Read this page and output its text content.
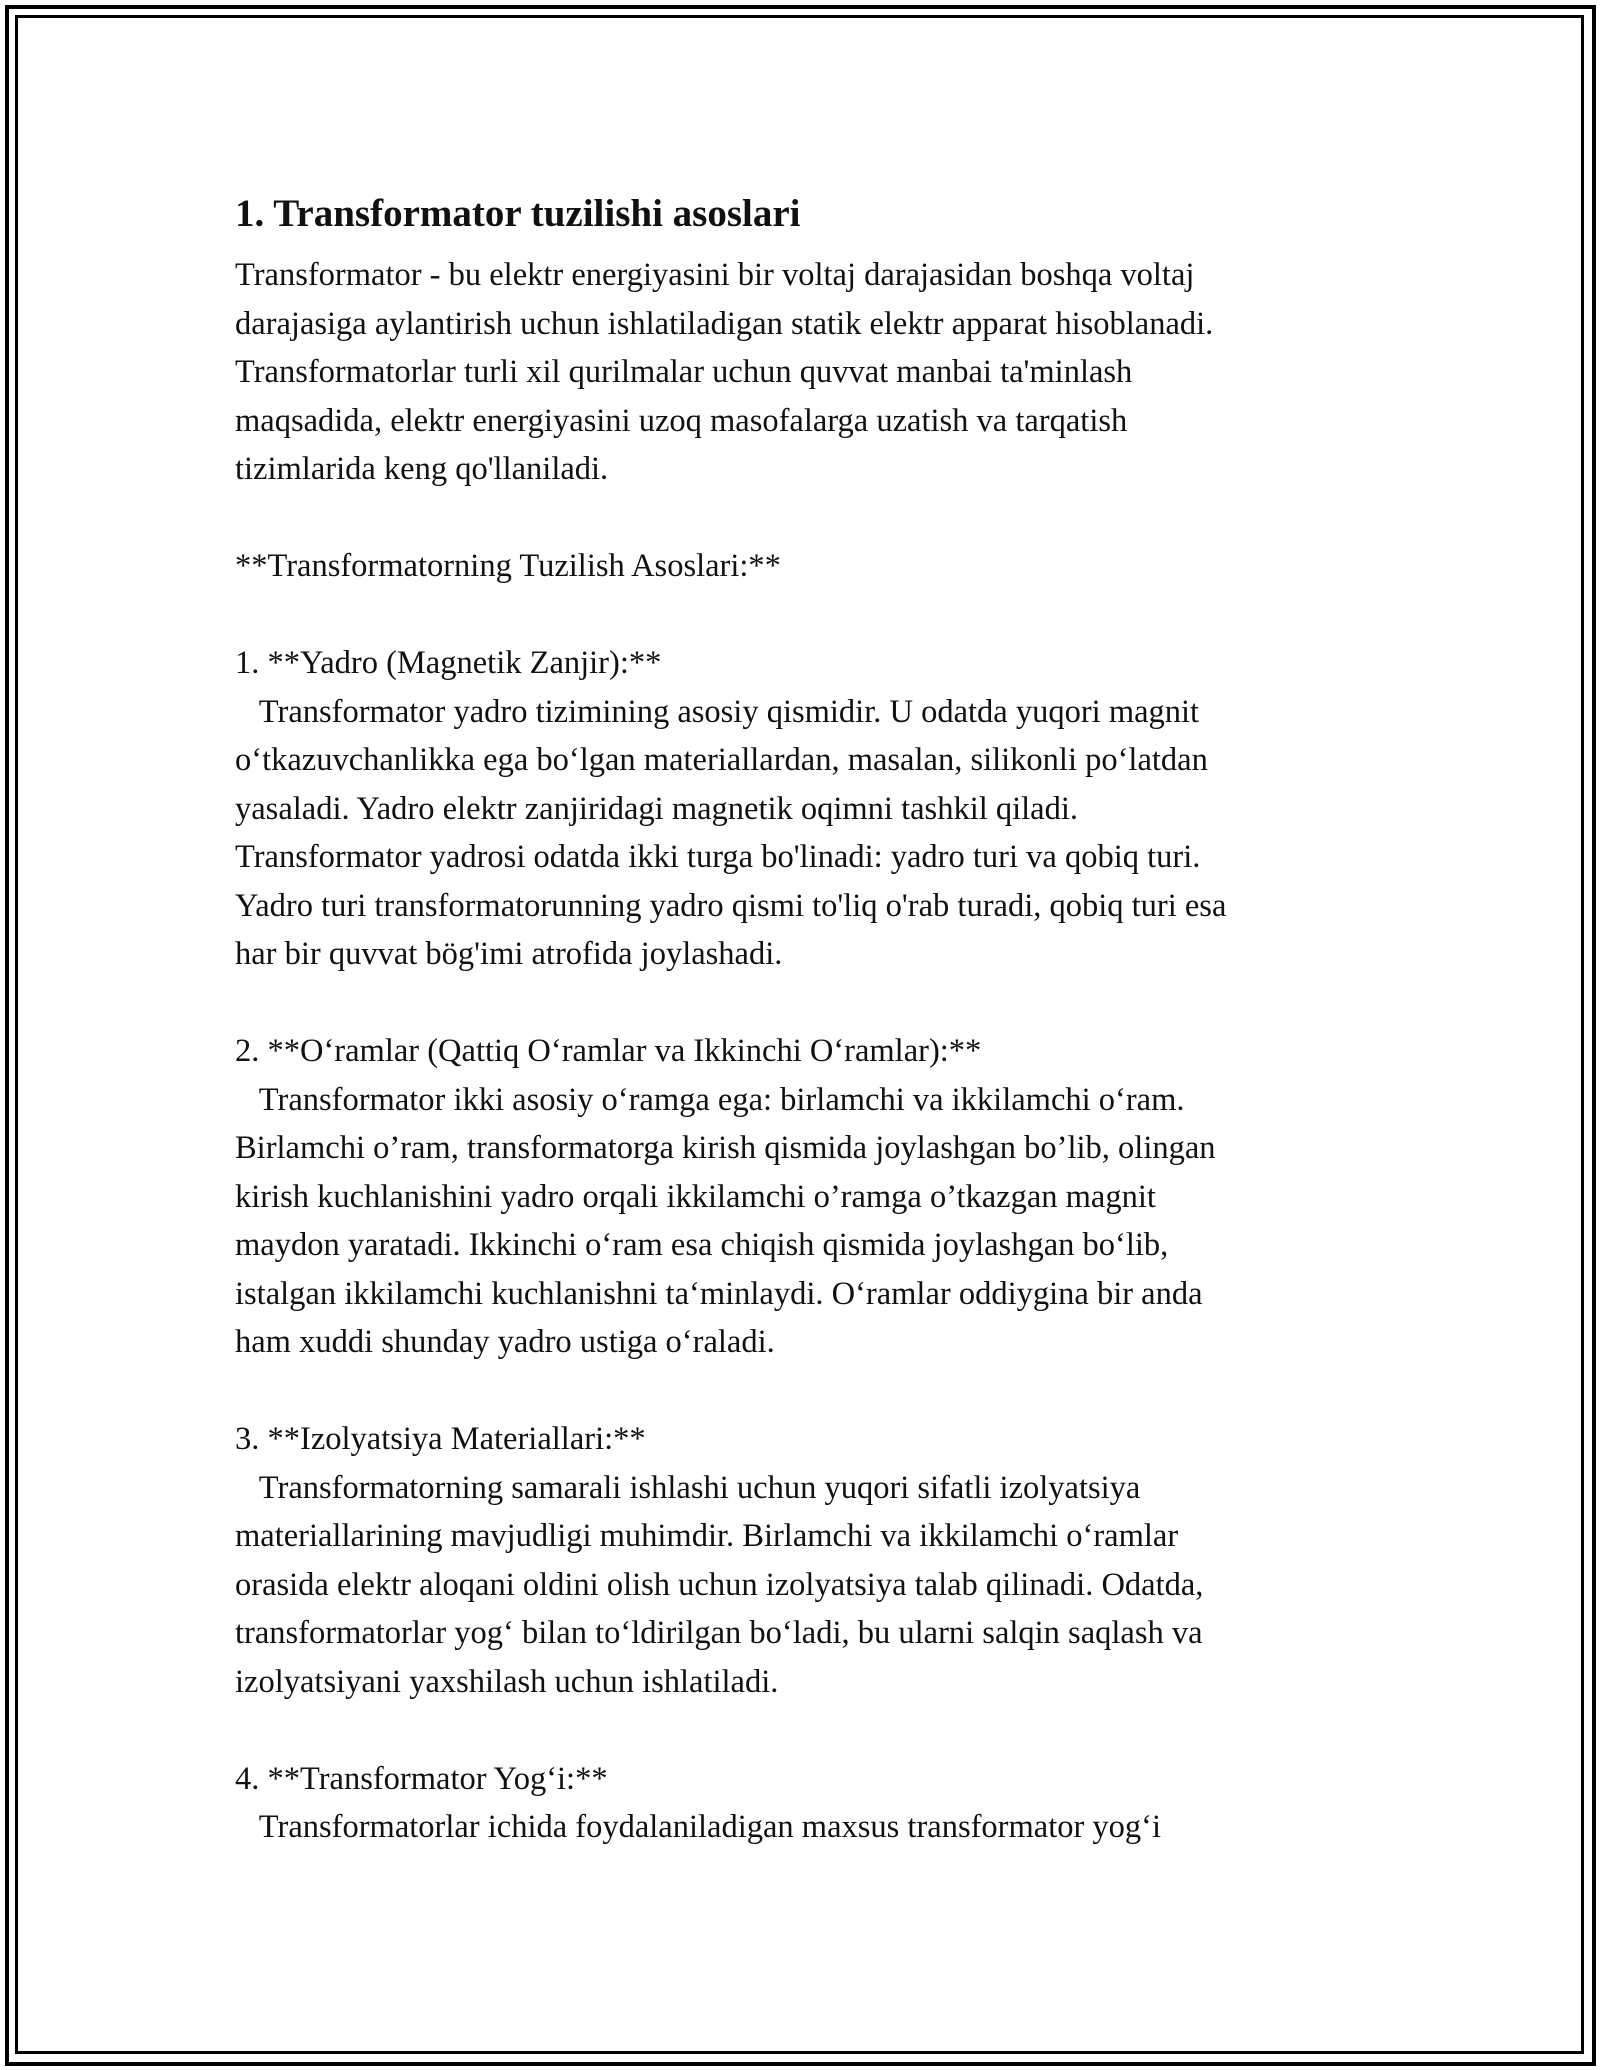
1. Transformator tuzilishi asoslari
Transformator - bu elektr energiyasini bir voltaj darajasidan boshqa voltaj
darajasiga aylantirish uchun ishlatiladigan statik elektr apparat hisoblanadi.
Transformatorlar turli xil qurilmalar uchun quvvat manbai ta'minlash
maqsadida, elektr energiyasini uzoq masofalarga uzatish va tarqatish
tizimlarida keng qo'llaniladi.
**Transformatorning Tuzilish Asoslari:**
1. **Yadro (Magnetik Zanjir):**
Transformator yadro tizimining asosiy qismidir. U odatda yuqori magnit
o‘tkazuvchanlikka ega bo‘lgan materiallardan, masalan, silikonli po‘latdan
yasaladi. Yadro elektr zanjiridagi magnetik oqimni tashkil qiladi.
Transformator yadrosi odatda ikki turga bo'linadi: yadro turi va qobiq turi.
Yadro turi transformatorunning yadro qismi to'liq o'rab turadi, qobiq turi esa
har bir quvvat bög'imi atrofida joylashadi.
2. **O‘ramlar (Qattiq O‘ramlar va Ikkinchi O‘ramlar):**
Transformator ikki asosiy o‘ramga ega: birlamchi va ikkilamchi o‘ram.
Birlamchi o’ram, transformatorga kirish qismida joylashgan bo’lib, olingan
kirish kuchlanishini yadro orqali ikkilamchi o’ramga o’tkazgan magnit
maydon yaratadi. Ikkinchi o‘ram esa chiqish qismida joylashgan bo‘lib,
istalgan ikkilamchi kuchlanishni ta‘minlaydi. O‘ramlar oddiygina bir anda
ham xuddi shunday yadro ustiga o‘raladi.
3. **Izolyatsiya Materiallari:**
Transformatorning samarali ishlashi uchun yuqori sifatli izolyatsiya
materiallarining mavjudligi muhimdir. Birlamchi va ikkilamchi o‘ramlar
orasida elektr aloqani oldini olish uchun izolyatsiya talab qilinadi. Odatda,
transformatorlar yog‘ bilan to‘ldirilgan bo‘ladi, bu ularni salqin saqlash va
izolyatsiyani yaxshilash uchun ishlatiladi.
4. **Transformator Yog‘i:**
Transformatorlar ichida foydalaniladigan maxsus transformator yog‘i
